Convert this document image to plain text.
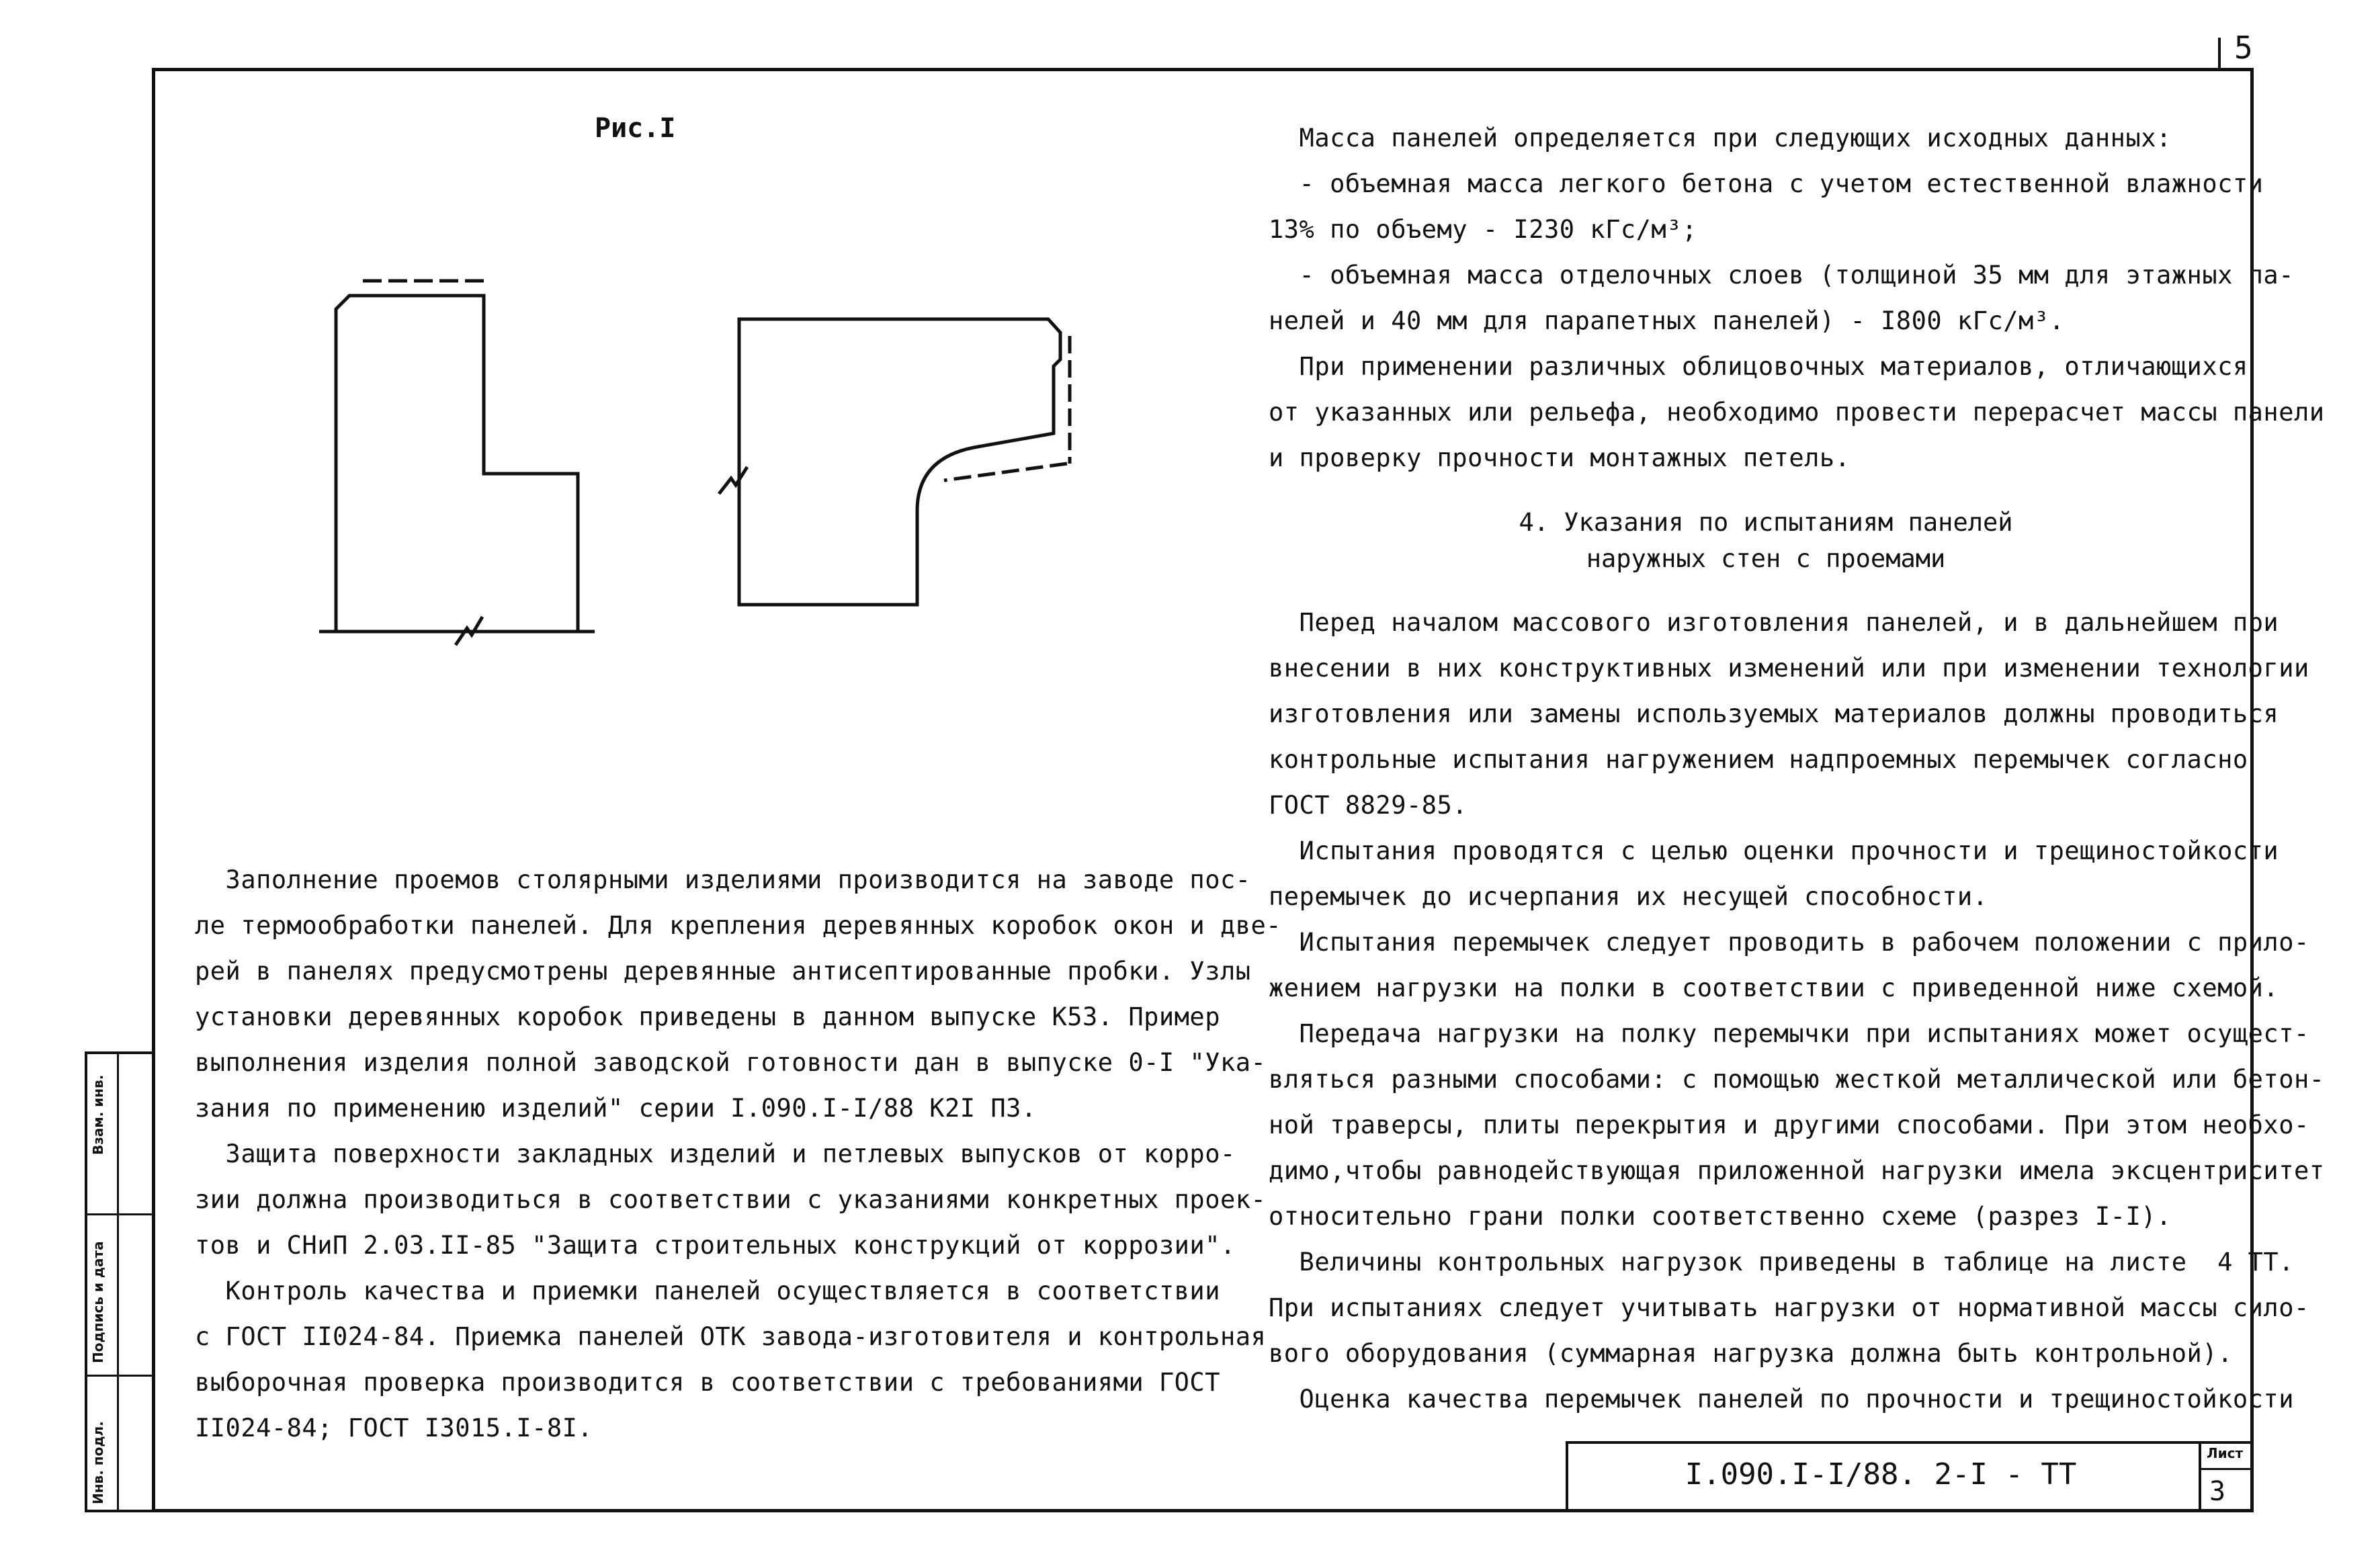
5
Рис.I

Заполнение проемов столярными изделиями производится на заводе пос-

ле термообработки панелей. Для крепления деревянных коробок окон и две-

рей в панелях предусмотрены деревянные антисептированные пробки. Узлы

установки деревянных коробок приведены в данном выпуске К53. Пример

выполнения изделия полной заводской готовности дан в выпуске 0-I "Ука-

зания по применению изделий" серии I.090.I-I/88 К2I ПЗ.

Защита поверхности закладных изделий и петлевых выпусков от корро-

зии должна производиться в соответствии с указаниями конкретных проек-

тов и СНиП 2.03.II-85 "Защита строительных конструкций от коррозии".

Контроль качества и приемки панелей осуществляется в соответствии

с ГОСТ II024-84. Приемка панелей ОТК завода-изготовителя и контрольная

выборочная проверка производится в соответствии с требованиями ГОСТ

II024-84; ГОСТ I3015.I-8I.

Масса панелей определяется при следующих исходных данных:

- объемная масса легкого бетона с учетом естественной влажности

13% по объему - I230 кГс/м³;

- объемная масса отделочных слоев (толщиной 35 мм для этажных па-

нелей и 40 мм для парапетных панелей) - I800 кГс/м³.

При применении различных облицовочных материалов, отличающихся

от указанных или рельефа, необходимо провести перерасчет массы панели

и проверку прочности монтажных петель.

4. Указания по испытаниям панелей
наружных стен с проемами

Перед началом массового изготовления панелей, и в дальнейшем при

внесении в них конструктивных изменений или при изменении технологии

изготовления или замены используемых материалов должны проводиться

контрольные испытания нагружением надпроемных перемычек согласно

ГОСТ 8829-85.

Испытания проводятся с целью оценки прочности и трещиностойкости

перемычек до исчерпания их несущей способности.

Испытания перемычек следует проводить в рабочем положении с прило-

жением нагрузки на полки в соответствии с приведенной ниже схемой.

Передача нагрузки на полку перемычки при испытаниях может осущест-

вляться разными способами: с помощью жесткой металлической или бетон-

ной траверсы, плиты перекрытия и другими способами. При этом необхо-

димо,чтобы равнодействующая приложенной нагрузки имела эксцентриситет

относительно грани полки соответственно схеме (разрез I-I).

Величины контрольных нагрузок приведены в таблице на листе  4 ТТ.

При испытаниях следует учитывать нагрузки от нормативной массы сило-

вого оборудования (суммарная нагрузка должна быть контрольной).

Оценка качества перемычек панелей по прочности и трещиностойкости

Взам. инв.
Подпись и дата
Инв. подл.	I.090.I-I/88. 2-I - ТТ
Лист
3
